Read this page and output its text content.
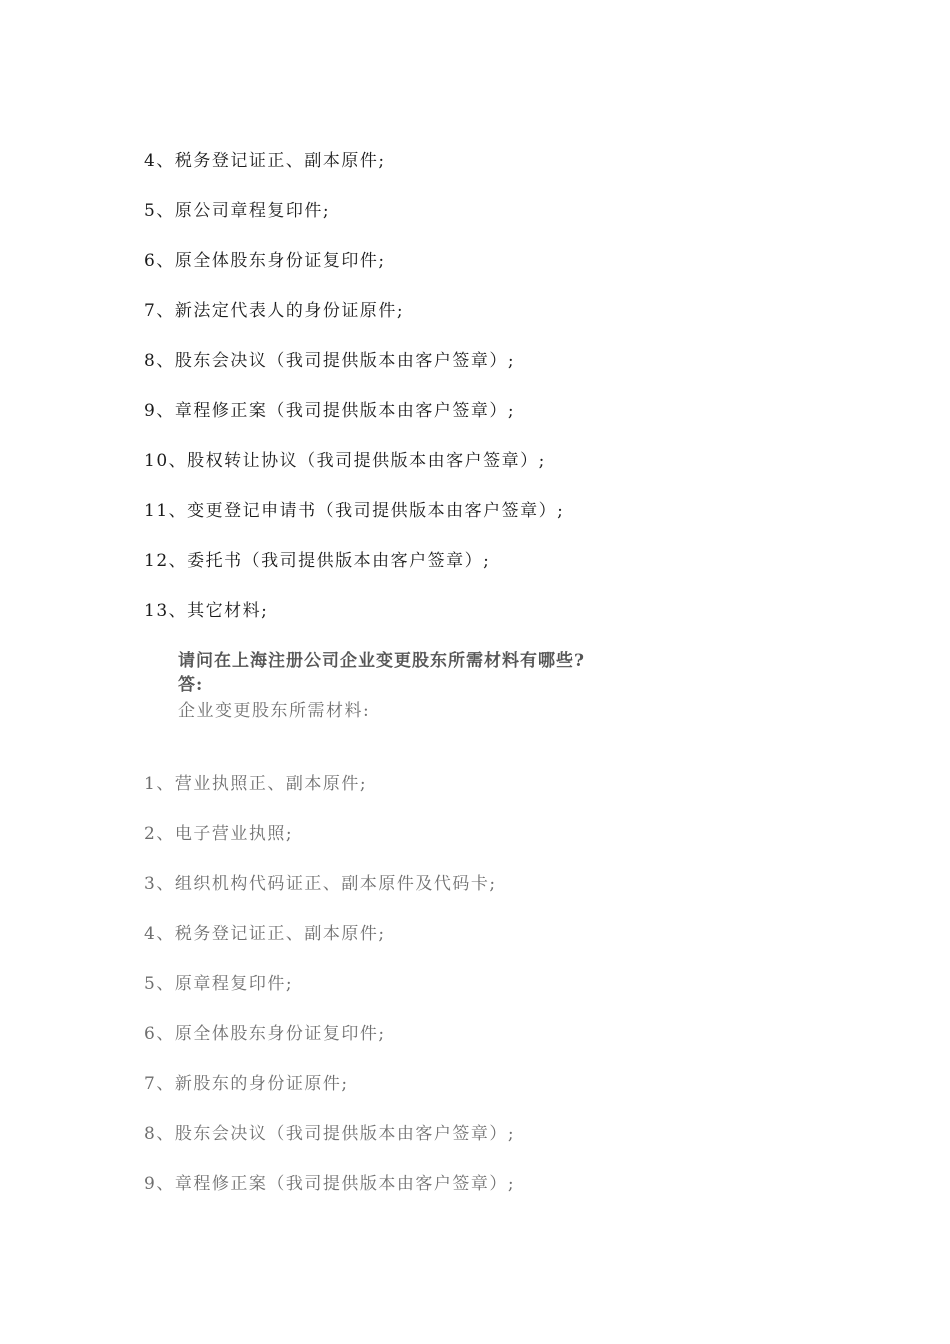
4、税务登记证正、副本原件;
5、原公司章程复印件;
6、原全体股东身份证复印件;
7、新法定代表人的身份证原件;
8、股东会决议（我司提供版本由客户签章）;
9、章程修正案（我司提供版本由客户签章）;
10、股权转让协议（我司提供版本由客户签章）;
11、变更登记申请书（我司提供版本由客户签章）;
12、委托书（我司提供版本由客户签章）;
13、其它材料;
请问在上海注册公司企业变更股东所需材料有哪些?
答:
企业变更股东所需材料:
1、营业执照正、副本原件;
2、电子营业执照;
3、组织机构代码证正、副本原件及代码卡;
4、税务登记证正、副本原件;
5、原章程复印件;
6、原全体股东身份证复印件;
7、新股东的身份证原件;
8、股东会决议（我司提供版本由客户签章）;
9、章程修正案（我司提供版本由客户签章）;
